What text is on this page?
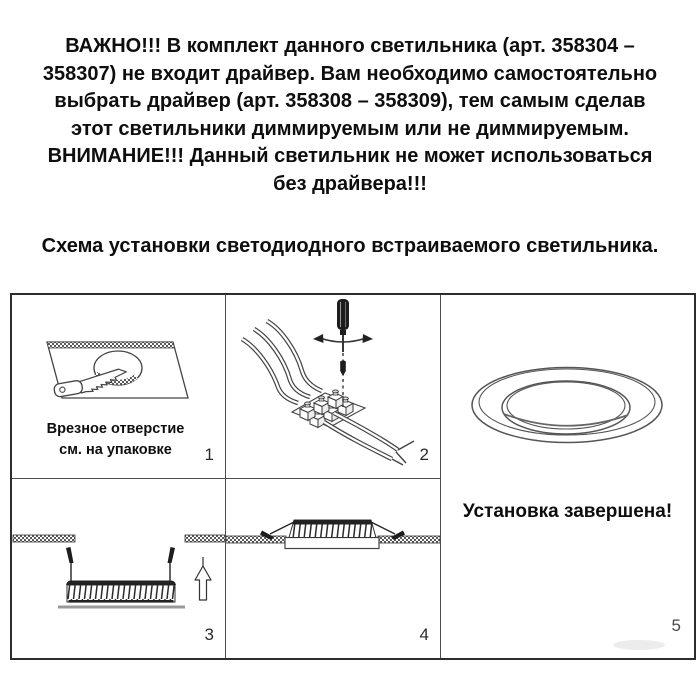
ВАЖНО!!! В комплект данного светильника (арт. 358304 –
358307) не входит драйвер. Вам необходимо самостоятельно
выбрать драйвер (арт. 358308 – 358309), тем самым сделав
этот светильники диммируемым или не диммируемым.
ВНИМАНИЕ!!! Данный светильник не может использоваться
без драйвера!!!
Схема установки светодиодного встраиваемого светильника.
Врезное отверстие
см. на упаковке	1	2
3	4
Установка завершена!
5
